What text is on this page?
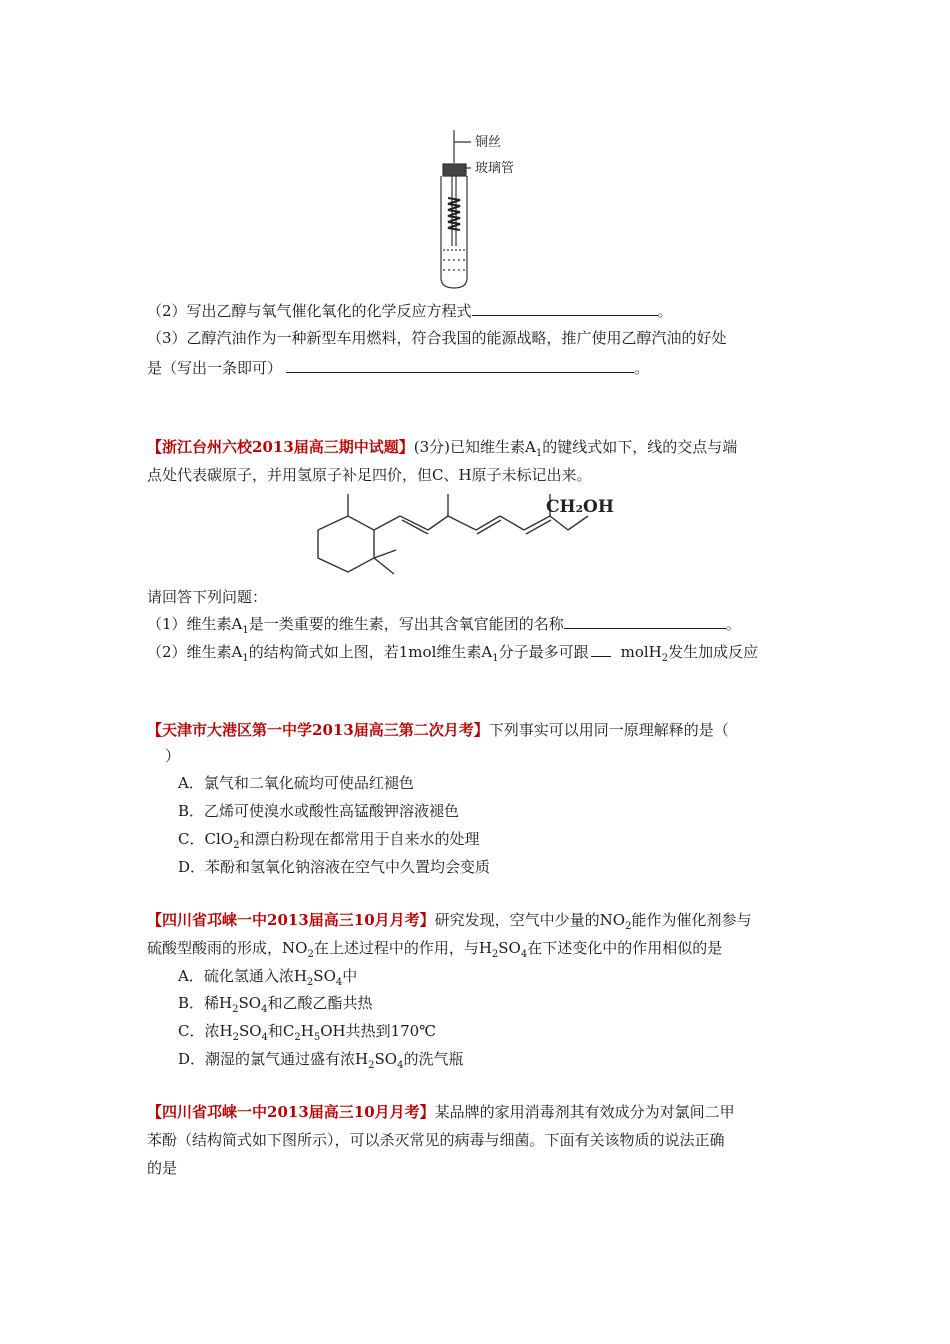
铜丝
玻璃管
（2）写出乙醇与氧气催化氧化的化学反应方程式	。
（3）乙醇汽油作为一种新型车用燃料，符合我国的能源战略，推广使用乙醇汽油的好处
是（写出一条即可）	。
【浙江台州六校2013届高三期中试题】(3分)已知维生素$A_1$的键线式如下，线的交点与端
点处代表碳原子，并用氢原子补足四价，但C、H原子未标记出来。
CH₂OH
请回答下列问题：
（1）维生素$A_1$是一类重要的维生素，写出其含氧官能团的名称	。
（2）维生素$A_1$的结构简式如上图，若1mol维生素$A_1$分子最多可跟 molH$_2$发生加成反应
【天津市大港区第一中学2013届高三第二次月考】下列事实可以用同一原理解释的是（
）
A．氯气和二氧化硫均可使品红褪色
B．乙烯可使溴水或酸性高锰酸钾溶液褪色
C．ClO$_2$和漂白粉现在都常用于自来水的处理
D．苯酚和氢氧化钠溶液在空气中久置均会变质
【四川省邛崃一中2013届高三10月月考】研究发现，空气中少量的$NO_2$能作为催化剂参与
硫酸型酸雨的形成，$NO_2$在上述过程中的作用，与$H_2SO_4$在下述变化中的作用相似的是
A．硫化氢通入浓$H_2SO_4$中
B．稀$H_2SO_4$和乙酸乙酯共热
C．浓$H_2SO_4$和$C_2H_5OH$共热到170℃
D．潮湿的氯气通过盛有浓$H_2SO_4$的洗气瓶
【四川省邛崃一中2013届高三10月月考】某品牌的家用消毒剂其有效成分为对氯间二甲
苯酚（结构简式如下图所示），可以杀灭常见的病毒与细菌。下面有关该物质的说法正确
的是
